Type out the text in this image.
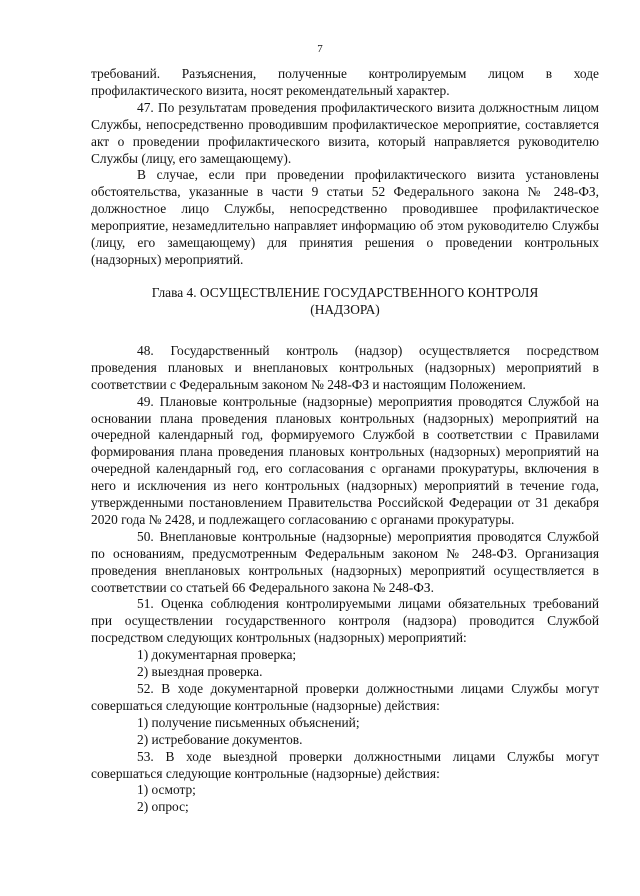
7

требований. Разъяснения, полученные контролируемым лицом в ходе профилактического визита, носят рекомендательный характер.

47. По результатам проведения профилактического визита должностным лицом Службы, непосредственно проводившим профилактическое мероприятие, составляется акт о проведении профилактического визита, который направляется руководителю Службы (лицу, его замещающему).

В случае, если при проведении профилактического визита установлены обстоятельства, указанные в части 9 статьи 52 Федерального закона № 248-ФЗ, должностное лицо Службы, непосредственно проводившее профилактическое мероприятие, незамедлительно направляет информацию об этом руководителю Службы (лицу, его замещающему) для принятия решения о проведении контрольных (надзорных) мероприятий.

Глава 4. ОСУЩЕСТВЛЕНИЕ ГОСУДАРСТВЕННОГО КОНТРОЛЯ
(НАДЗОРА)

48. Государственный контроль (надзор) осуществляется посредством проведения плановых и внеплановых контрольных (надзорных) мероприятий в соответствии с Федеральным законом № 248-ФЗ и настоящим Положением.

49. Плановые контрольные (надзорные) мероприятия проводятся Службой на основании плана проведения плановых контрольных (надзорных) мероприятий на очередной календарный год, формируемого Службой в соответствии с Правилами формирования плана проведения плановых контрольных (надзорных) мероприятий на очередной календарный год, его согласования с органами прокуратуры, включения в него и исключения из него контрольных (надзорных) мероприятий в течение года, утвержденными постановлением Правительства Российской Федерации от 31 декабря 2020 года № 2428, и подлежащего согласованию с органами прокуратуры.

50. Внеплановые контрольные (надзорные) мероприятия проводятся Службой по основаниям, предусмотренным Федеральным законом № 248-ФЗ. Организация проведения внеплановых контрольных (надзорных) мероприятий осуществляется в соответствии со статьей 66 Федерального закона № 248-ФЗ.

51. Оценка соблюдения контролируемыми лицами обязательных требований при осуществлении государственного контроля (надзора) проводится Службой посредством следующих контрольных (надзорных) мероприятий:

1) документарная проверка;

2) выездная проверка.

52. В ходе документарной проверки должностными лицами Службы могут совершаться следующие контрольные (надзорные) действия:

1) получение письменных объяснений;

2) истребование документов.

53. В ходе выездной проверки должностными лицами Службы могут совершаться следующие контрольные (надзорные) действия:

1) осмотр;

2) опрос;
